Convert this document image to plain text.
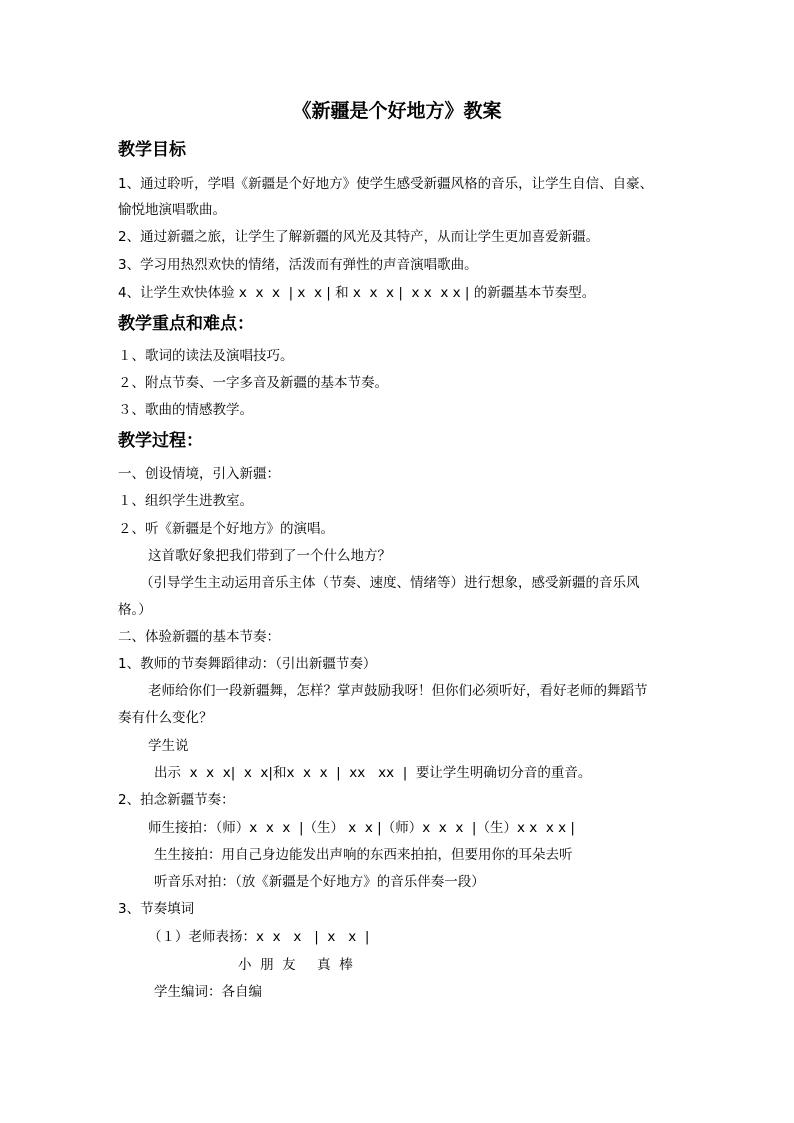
《新疆是个好地方》教案
教学目标
1、通过聆听，学唱《新疆是个好地方》使学生感受新疆风格的音乐，让学生自信、自豪、
愉悦地演唱歌曲。
2、通过新疆之旅，让学生了解新疆的风光及其特产，从而让学生更加喜爱新疆。
3、学习用热烈欢快的情绪，活泼而有弹性的声音演唱歌曲。
4、让学生欢快体验 x  x  x  | x  x | 和 x  x  x |  x x  x x | 的新疆基本节奏型。
教学重点和难点：
１、歌词的读法及演唱技巧。
２、附点节奏、一字多音及新疆的基本节奏。
３、歌曲的情感教学。
教学过程：
一、创设情境，引入新疆：
１、组织学生进教室。
２、听《新疆是个好地方》的演唱。
这首歌好象把我们带到了一个什么地方？
（引导学生主动运用音乐主体（节奏、速度、情绪等）进行想象，感受新疆的音乐风
格。）
二、体验新疆的基本节奏：
1、教师的节奏舞蹈律动：（引出新疆节奏）
老师给你们一段新疆舞，怎样？掌声鼓励我呀！但你们必须听好，看好老师的舞蹈节
奏有什么变化？
学生说
出示  x  x  x|  x  x|和x  x  x  |  xx   xx  |  要让学生明确切分音的重音。
2、拍念新疆节奏：
师生接拍：（师）x  x  x  |（生） x  x |（师）x  x  x  |（生）x x  x x |
生生接拍：用自己身边能发出声响的东西来拍拍，但要用你的耳朵去听
听音乐对拍：（放《新疆是个好地方》的音乐伴奏一段）
3、节奏填词
（１）老师表扬：x  x   x   |  x   x  |
小  朋  友     真  棒
学生编词：各自编
